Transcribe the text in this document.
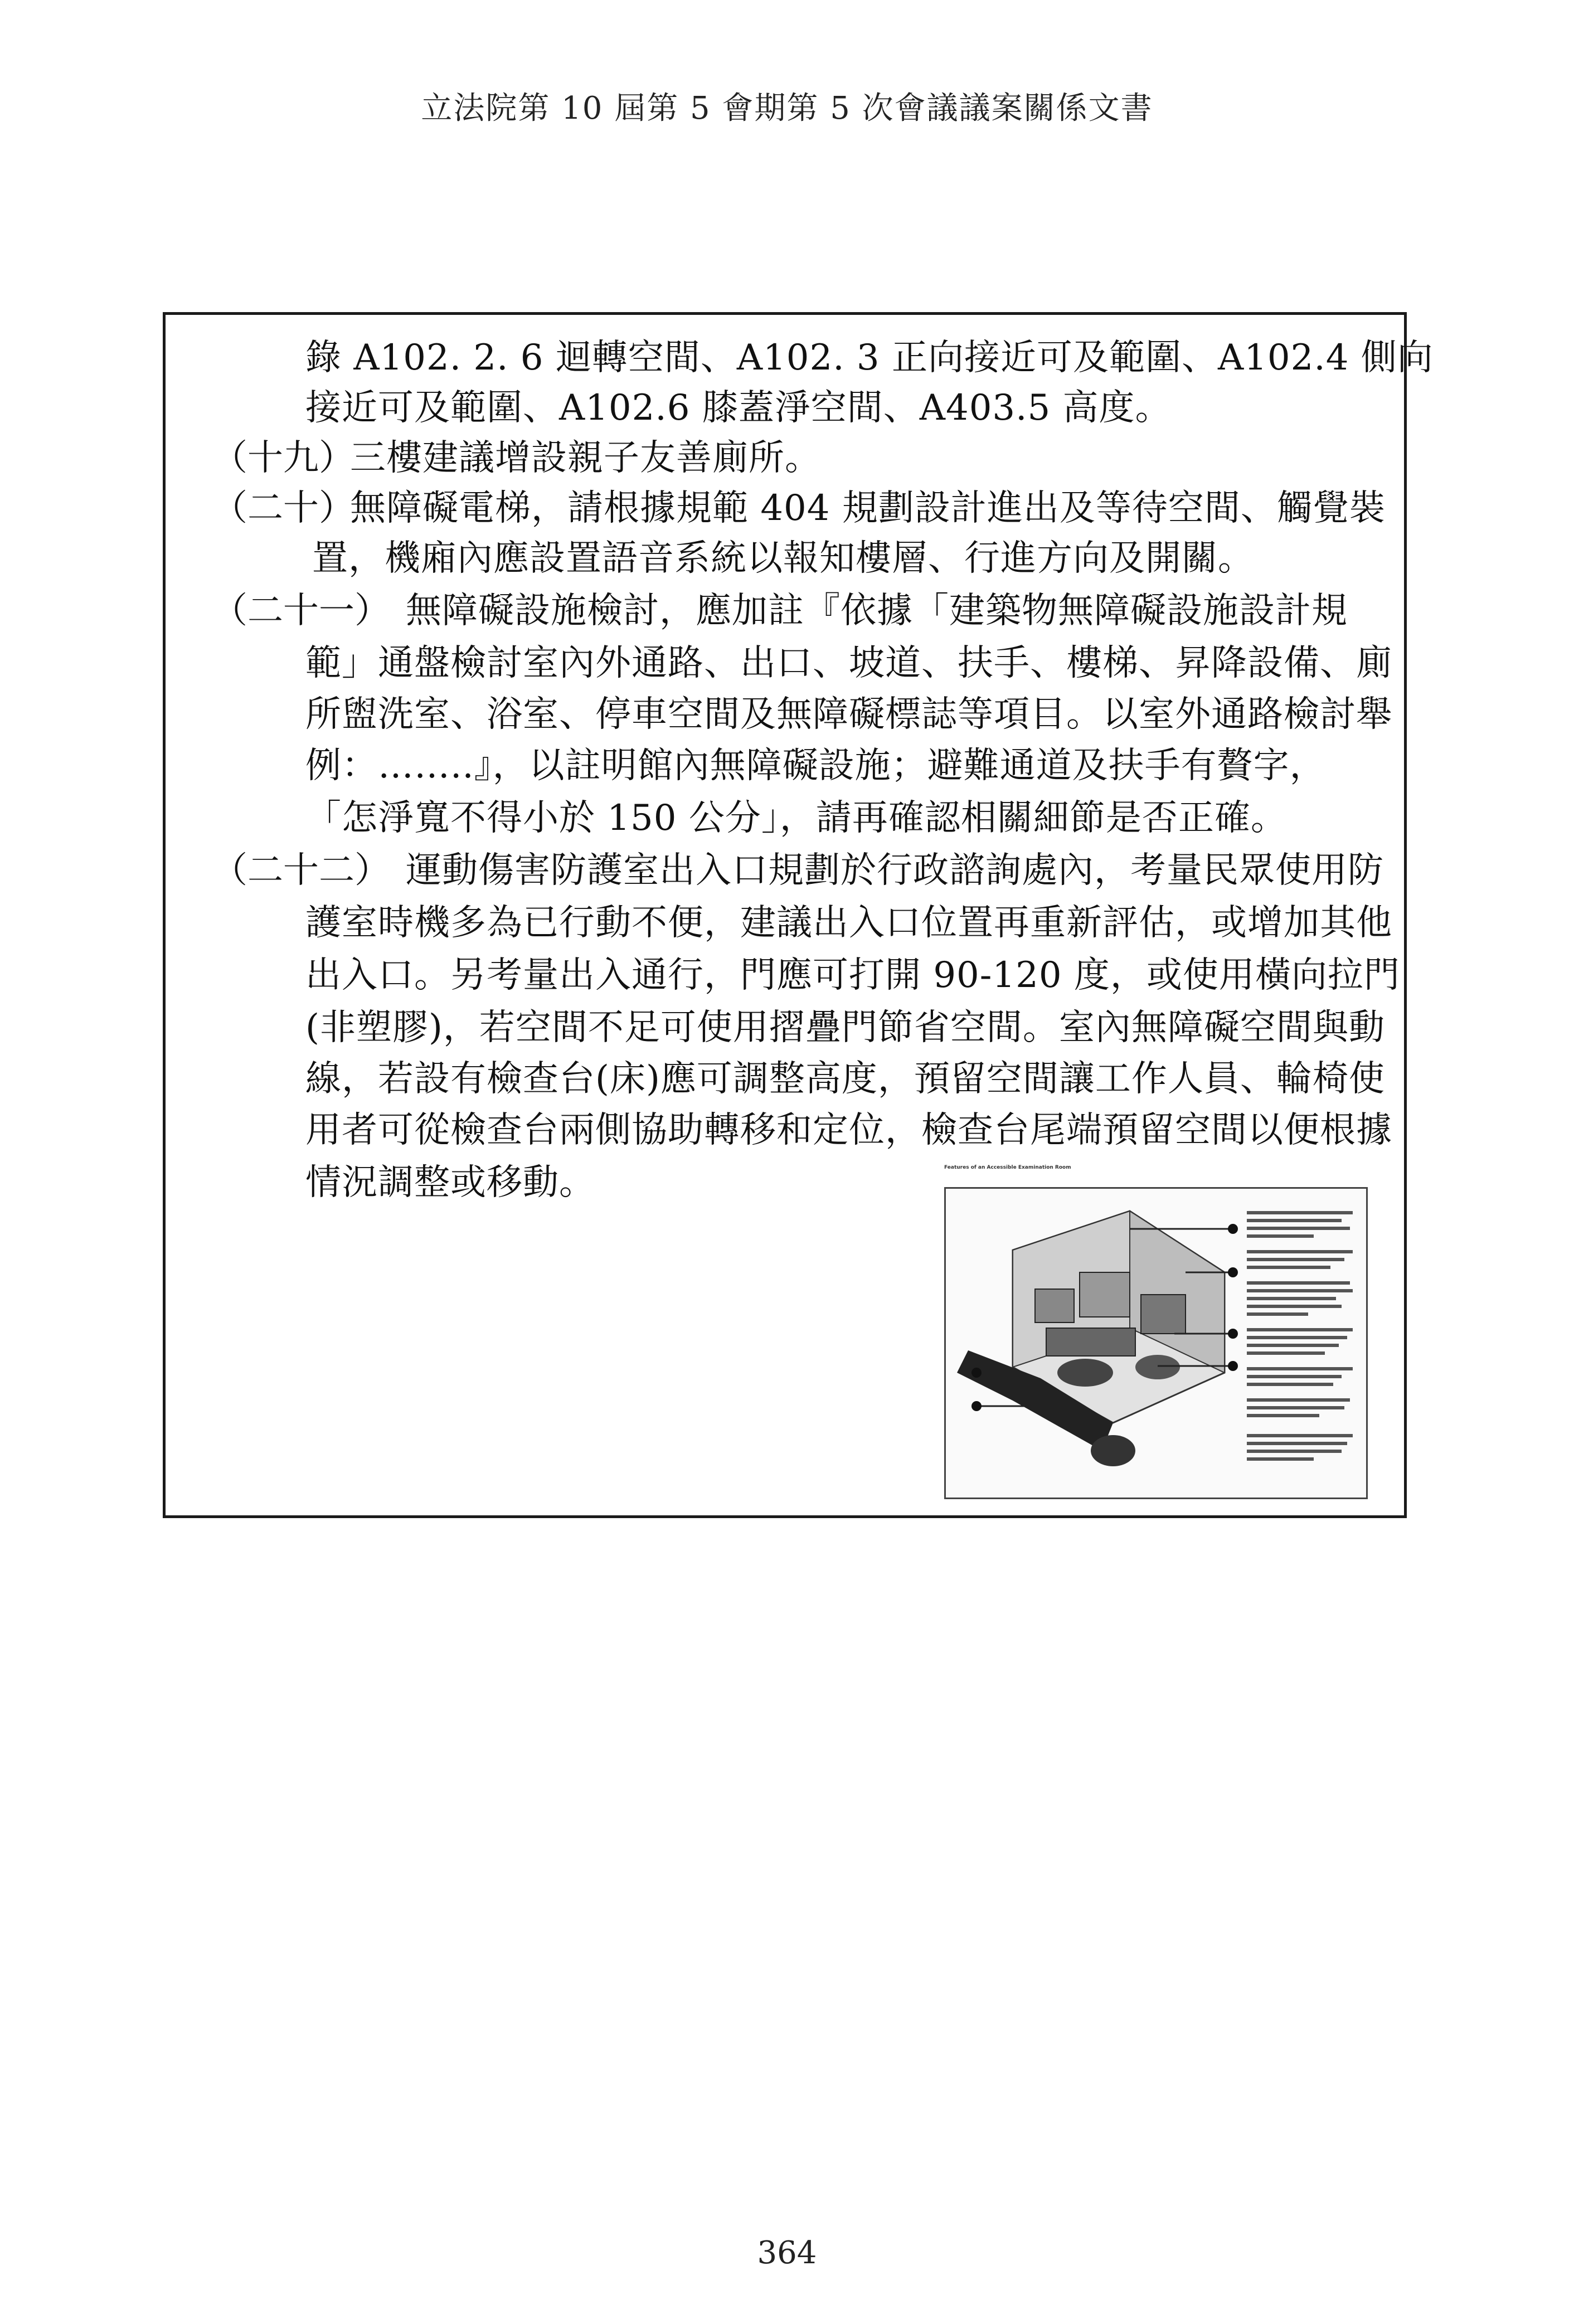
立法院第 10 屆第 5 會期第 5 次會議議案關係文書
錄 A102. 2. 6 迴轉空間、A102. 3 正向接近可及範圍、A102.4 側向
接近可及範圍、A102.6 膝蓋淨空間、A403.5 高度。
（十九）
三樓建議增設親子友善廁所。
（二十）
無障礙電梯，請根據規範 404 規劃設計進出及等待空間、觸覺裝
置，機廂內應設置語音系統以報知樓層、行進方向及開關。
（二十一） 無障礙設施檢討，應加註『依據「建築物無障礙設施設計規
範」通盤檢討室內外通路、出口、坡道、扶手、樓梯、昇降設備、廁
所盥洗室、浴室、停車空間及無障礙標誌等項目。以室外通路檢討舉
例：……..』，以註明館內無障礙設施；避難通道及扶手有贅字，
「怎淨寬不得小於 150 公分」，請再確認相關細節是否正確。
（二十二） 運動傷害防護室出入口規劃於行政諮詢處內，考量民眾使用防
護室時機多為已行動不便，建議出入口位置再重新評估，或增加其他
出入口。另考量出入通行，門應可打開 90-120 度，或使用橫向拉門
(非塑膠)，若空間不足可使用摺疊門節省空間。室內無障礙空間與動
線，若設有檢查台(床)應可調整高度，預留空間讓工作人員、輪椅使
用者可從檢查台兩側協助轉移和定位，檢查台尾端預留空間以便根據
情況調整或移動。	Features of an Accessible Examination Room
364
